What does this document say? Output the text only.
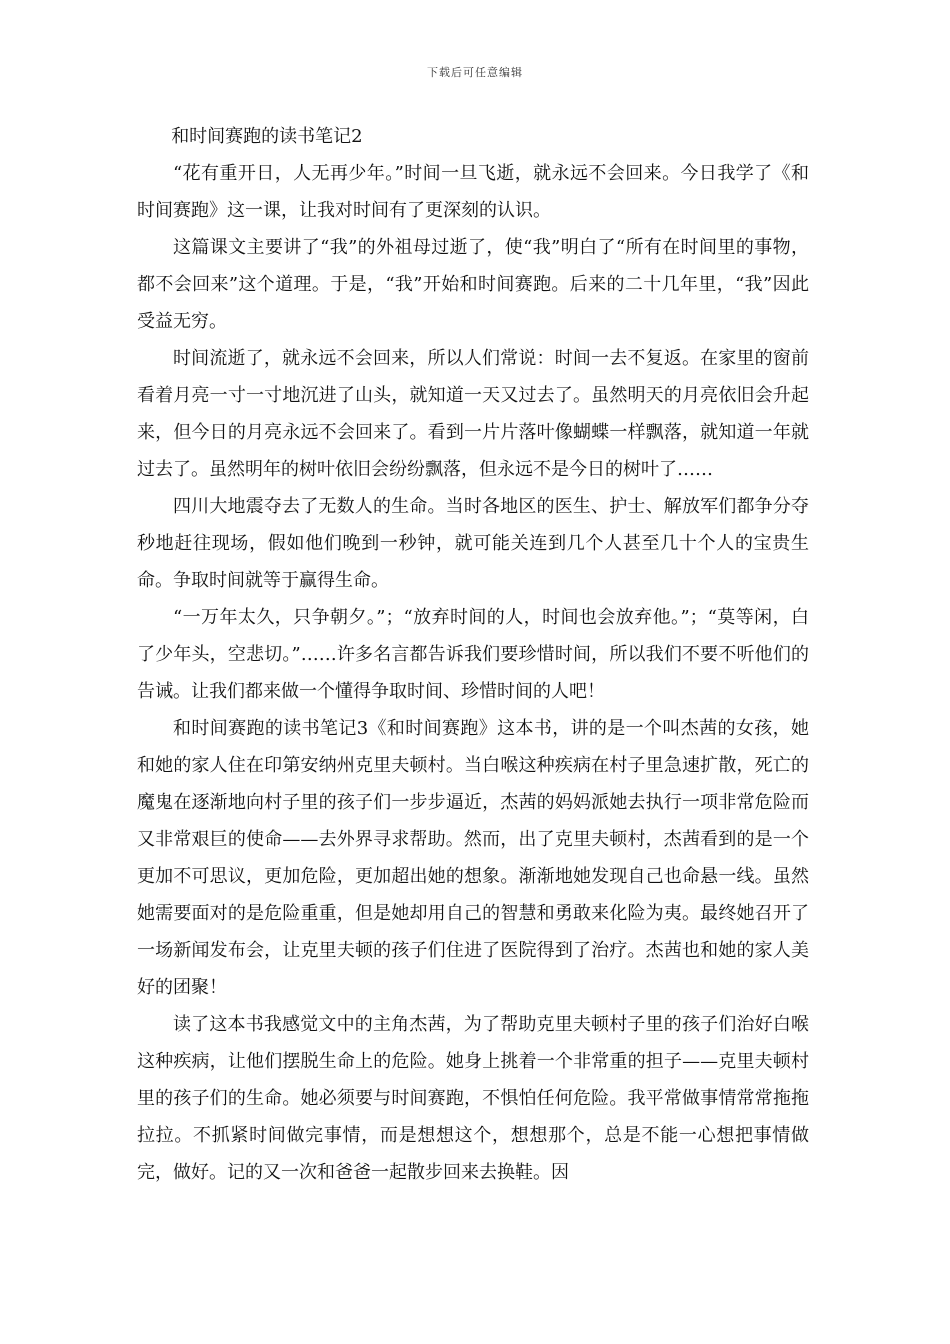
下载后可任意编辑

和时间赛跑的读书笔记2

“花有重开日，人无再少年。”时间一旦飞逝，就永远不会回来。今日我学了《和时间赛跑》这一课，让我对时间有了更深刻的认识。

这篇课文主要讲了“我”的外祖母过逝了，使“我”明白了“所有在时间里的事物，都不会回来”这个道理。于是，“我”开始和时间赛跑。后来的二十几年里，“我”因此受益无穷。

时间流逝了，就永远不会回来，所以人们常说：时间一去不复返。在家里的窗前看着月亮一寸一寸地沉进了山头，就知道一天又过去了。虽然明天的月亮依旧会升起来，但今日的月亮永远不会回来了。看到一片片落叶像蝴蝶一样飘落，就知道一年就过去了。虽然明年的树叶依旧会纷纷飘落，但永远不是今日的树叶了……

四川大地震夺去了无数人的生命。当时各地区的医生、护士、解放军们都争分夺秒地赶往现场，假如他们晚到一秒钟，就可能关连到几个人甚至几十个人的宝贵生命。争取时间就等于赢得生命。

“一万年太久，只争朝夕。”；“放弃时间的人，时间也会放弃他。”；“莫等闲，白了少年头，空悲切。”……许多名言都告诉我们要珍惜时间，所以我们不要不听他们的告诫。让我们都来做一个懂得争取时间、珍惜时间的人吧！

和时间赛跑的读书笔记3《和时间赛跑》这本书，讲的是一个叫杰茜的女孩，她和她的家人住在印第安纳州克里夫顿村。当白喉这种疾病在村子里急速扩散，死亡的魔鬼在逐渐地向村子里的孩子们一步步逼近，杰茜的妈妈派她去执行一项非常危险而又非常艰巨的使命——去外界寻求帮助。然而，出了克里夫顿村，杰茜看到的是一个更加不可思议，更加危险，更加超出她的想象。渐渐地她发现自己也命悬一线。虽然她需要面对的是危险重重，但是她却用自己的智慧和勇敢来化险为夷。最终她召开了一场新闻发布会，让克里夫顿的孩子们住进了医院得到了治疗。杰茜也和她的家人美好的团聚！

读了这本书我感觉文中的主角杰茜，为了帮助克里夫顿村子里的孩子们治好白喉这种疾病，让他们摆脱生命上的危险。她身上挑着一个非常重的担子——克里夫顿村里的孩子们的生命。她必须要与时间赛跑，不惧怕任何危险。我平常做事情常常拖拖拉拉。不抓紧时间做完事情，而是想想这个，想想那个，总是不能一心想把事情做完，做好。记的又一次和爸爸一起散步回来去换鞋。因
